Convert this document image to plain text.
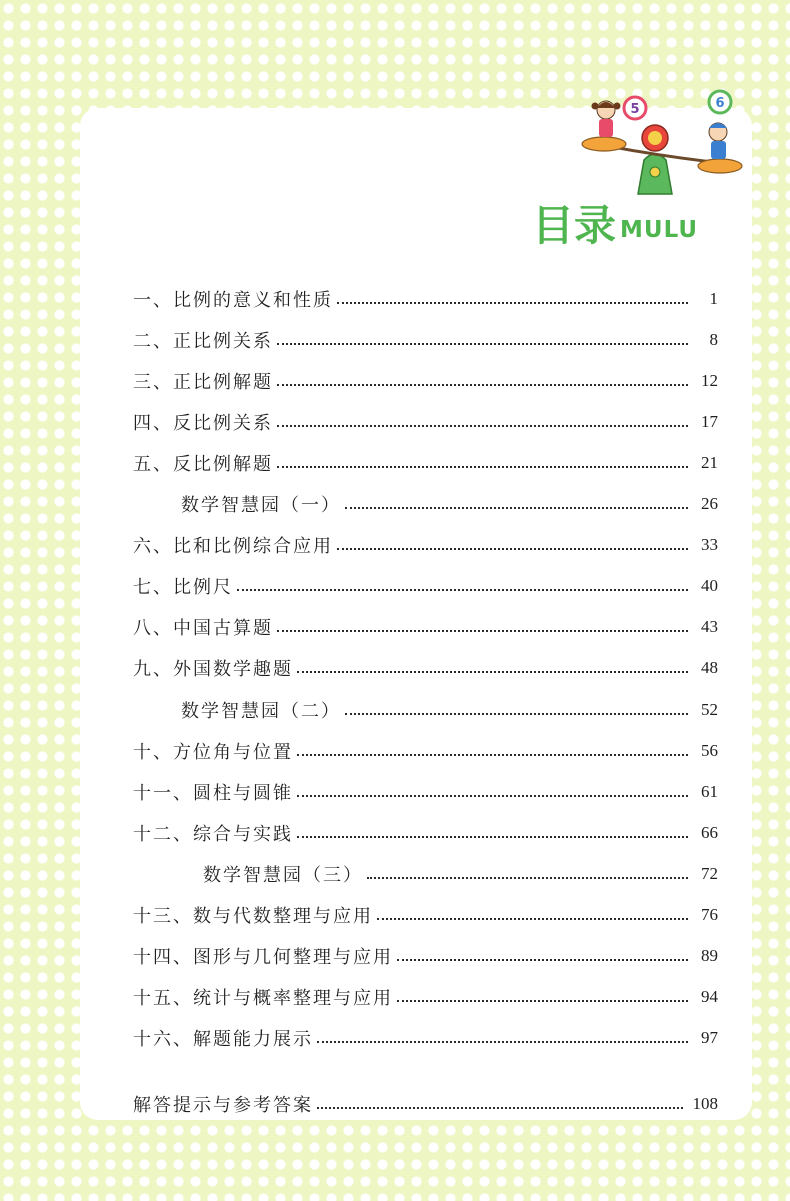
5	6
目录 MULU
一、比例的意义和性质	1
二、正比例关系	8
三、正比例解题	12
四、反比例关系	17
五、反比例解题	21
数学智慧园（一）	26
六、比和比例综合应用	33
七、比例尺	40
八、中国古算题	43
九、外国数学趣题	48
数学智慧园（二）	52
十、方位角与位置	56
十一、圆柱与圆锥	61
十二、综合与实践	66
数学智慧园（三）	72
十三、数与代数整理与应用	76
十四、图形与几何整理与应用	89
十五、统计与概率整理与应用	94
十六、解题能力展示	97
解答提示与参考答案	108
